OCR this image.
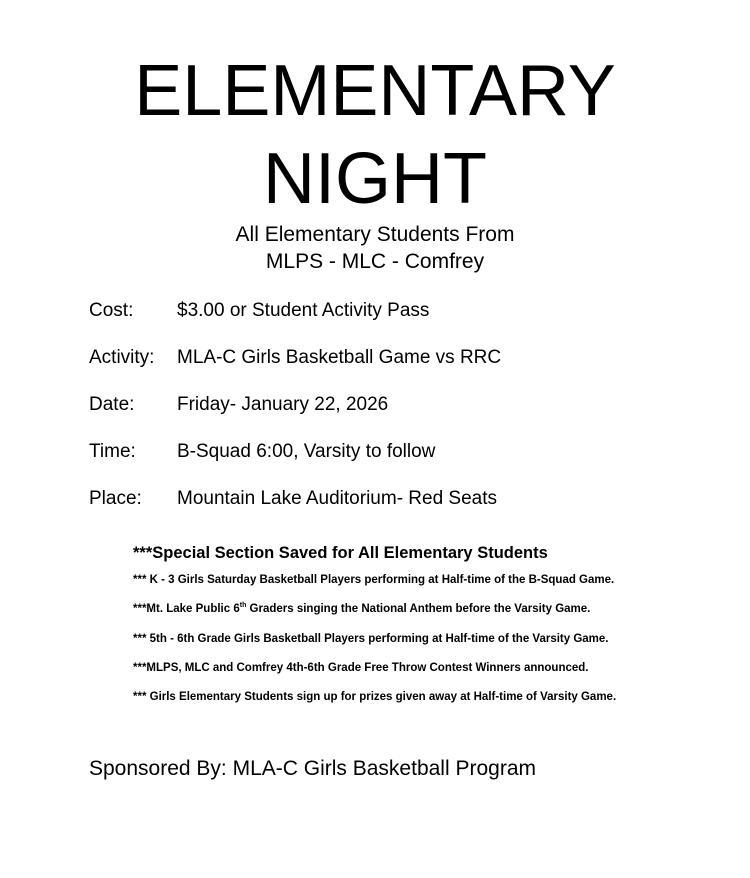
ELEMENTARY
NIGHT
All Elementary Students From
MLPS - MLC - Comfrey
Cost:	$3.00 or Student Activity Pass
Activity:	MLA-C Girls Basketball Game vs RRC
Date:	Friday- January 22, 2026
Time:	B-Squad 6:00, Varsity to follow
Place:	Mountain Lake Auditorium- Red Seats
***Special Section Saved for All Elementary Students
*** K - 3 Girls Saturday Basketball Players performing at Half-time of the B-Squad Game.
***Mt. Lake Public 6th Graders singing the National Anthem before the Varsity Game.
*** 5th - 6th Grade Girls Basketball Players performing at Half-time of the Varsity Game.
***MLPS, MLC and Comfrey 4th-6th Grade Free Throw Contest Winners announced.
*** Girls Elementary Students sign up for prizes given away at Half-time of Varsity Game.
Sponsored By: MLA-C Girls Basketball Program
